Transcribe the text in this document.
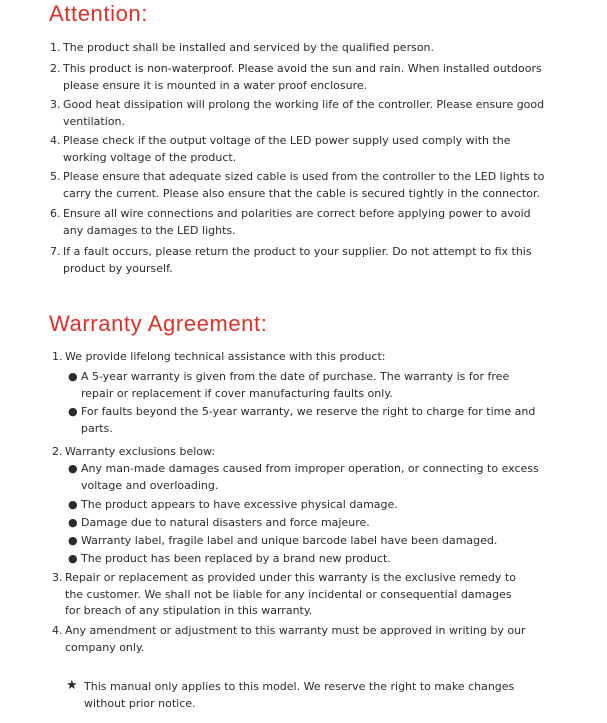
Attention:
1. The product shall be installed and serviced by the qualified person.
2. This product is non-waterproof. Please avoid the sun and rain. When installed outdoors
please ensure it is mounted in a water proof enclosure.
3. Good heat dissipation will prolong the working life of the controller. Please ensure good
ventilation.
4. Please check if the output voltage of the LED power supply used comply with the
working voltage of the product.
5. Please ensure that adequate sized cable is used from the controller to the LED lights to
carry the current. Please also ensure that the cable is secured tightly in the connector.
6. Ensure all wire connections and polarities are correct before applying power to avoid
any damages to the LED lights.
7. If a fault occurs, please return the product to your supplier. Do not attempt to fix this
product by yourself.
Warranty Agreement:
1. We provide lifelong technical assistance with this product:
● A 5-year warranty is given from the date of purchase. The warranty is for free
repair or replacement if cover manufacturing faults only.
● For faults beyond the 5-year warranty, we reserve the right to charge for time and
parts.
2. Warranty exclusions below:
● Any man-made damages caused from improper operation, or connecting to excess
voltage and overloading.
● The product appears to have excessive physical damage.
● Damage due to natural disasters and force majeure.
● Warranty label, fragile label and unique barcode label have been damaged.
● The product has been replaced by a brand new product.
3. Repair or replacement as provided under this warranty is the exclusive remedy to
the customer. We shall not be liable for any incidental or consequential damages
for breach of any stipulation in this warranty.
4. Any amendment or adjustment to this warranty must be approved in writing by our
company only.
★ This manual only applies to this model. We reserve the right to make changes
without prior notice.
